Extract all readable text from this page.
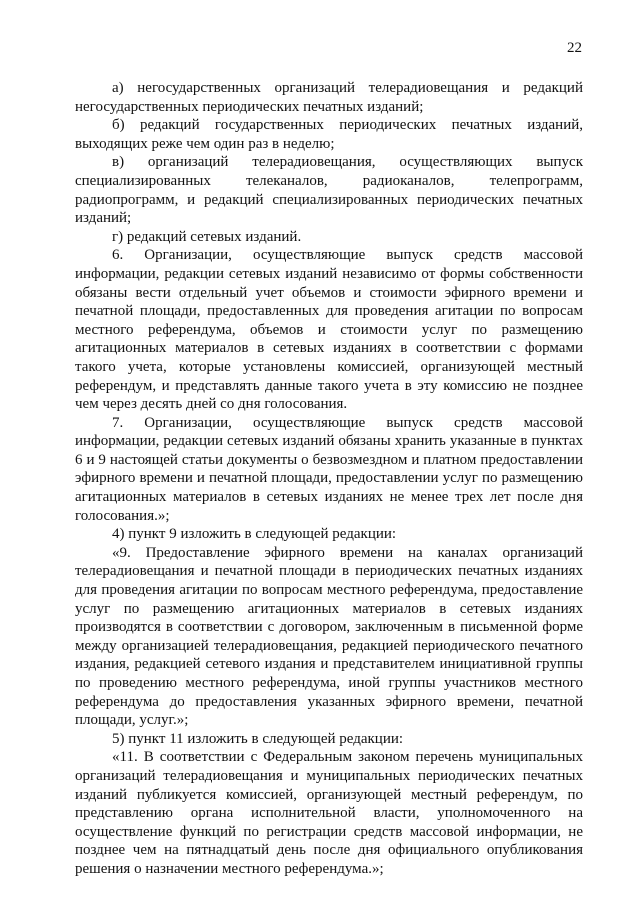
22

а) негосударственных организаций телерадиовещания и редакций негосударственных периодических печатных изданий;

б) редакций государственных периодических печатных изданий, выходящих реже чем один раз в неделю;

в) организаций телерадиовещания, осуществляющих выпуск специализированных телеканалов, радиоканалов, телепрограмм, радиопрограмм, и редакций специализированных периодических печатных изданий;

г) редакций сетевых изданий.

6. Организации, осуществляющие выпуск средств массовой информации, редакции сетевых изданий независимо от формы собственности обязаны вести отдельный учет объемов и стоимости эфирного времени и печатной площади, предоставленных для проведения агитации по вопросам местного референдума, объемов и стоимости услуг по размещению агитационных материалов в сетевых изданиях в соответствии с формами такого учета, которые установлены комиссией, организующей местный референдум, и представлять данные такого учета в эту комиссию не позднее чем через десять дней со дня голосования.

7. Организации, осуществляющие выпуск средств массовой информации, редакции сетевых изданий обязаны хранить указанные в пунктах 6 и 9 настоящей статьи документы о безвозмездном и платном предоставлении эфирного времени и печатной площади, предоставлении услуг по размещению агитационных материалов в сетевых изданиях не менее трех лет после дня голосования.»;

4) пункт 9 изложить в следующей редакции:

«9. Предоставление эфирного времени на каналах организаций телерадиовещания и печатной площади в периодических печатных изданиях для проведения агитации по вопросам местного референдума, предоставление услуг по размещению агитационных материалов в сетевых изданиях производятся в соответствии с договором, заключенным в письменной форме между организацией телерадиовещания, редакцией периодического печатного издания, редакцией сетевого издания и представителем инициативной группы по проведению местного референдума, иной группы участников местного референдума до предоставления указанных эфирного времени, печатной площади, услуг.»;

5) пункт 11 изложить в следующей редакции:

«11. В соответствии с Федеральным законом перечень муниципальных организаций телерадиовещания и муниципальных периодических печатных изданий публикуется комиссией, организующей местный референдум, по представлению органа исполнительной власти, уполномоченного на осуществление функций по регистрации средств массовой информации, не позднее чем на пятнадцатый день после дня официального опубликования решения о назначении местного референдума.»;
